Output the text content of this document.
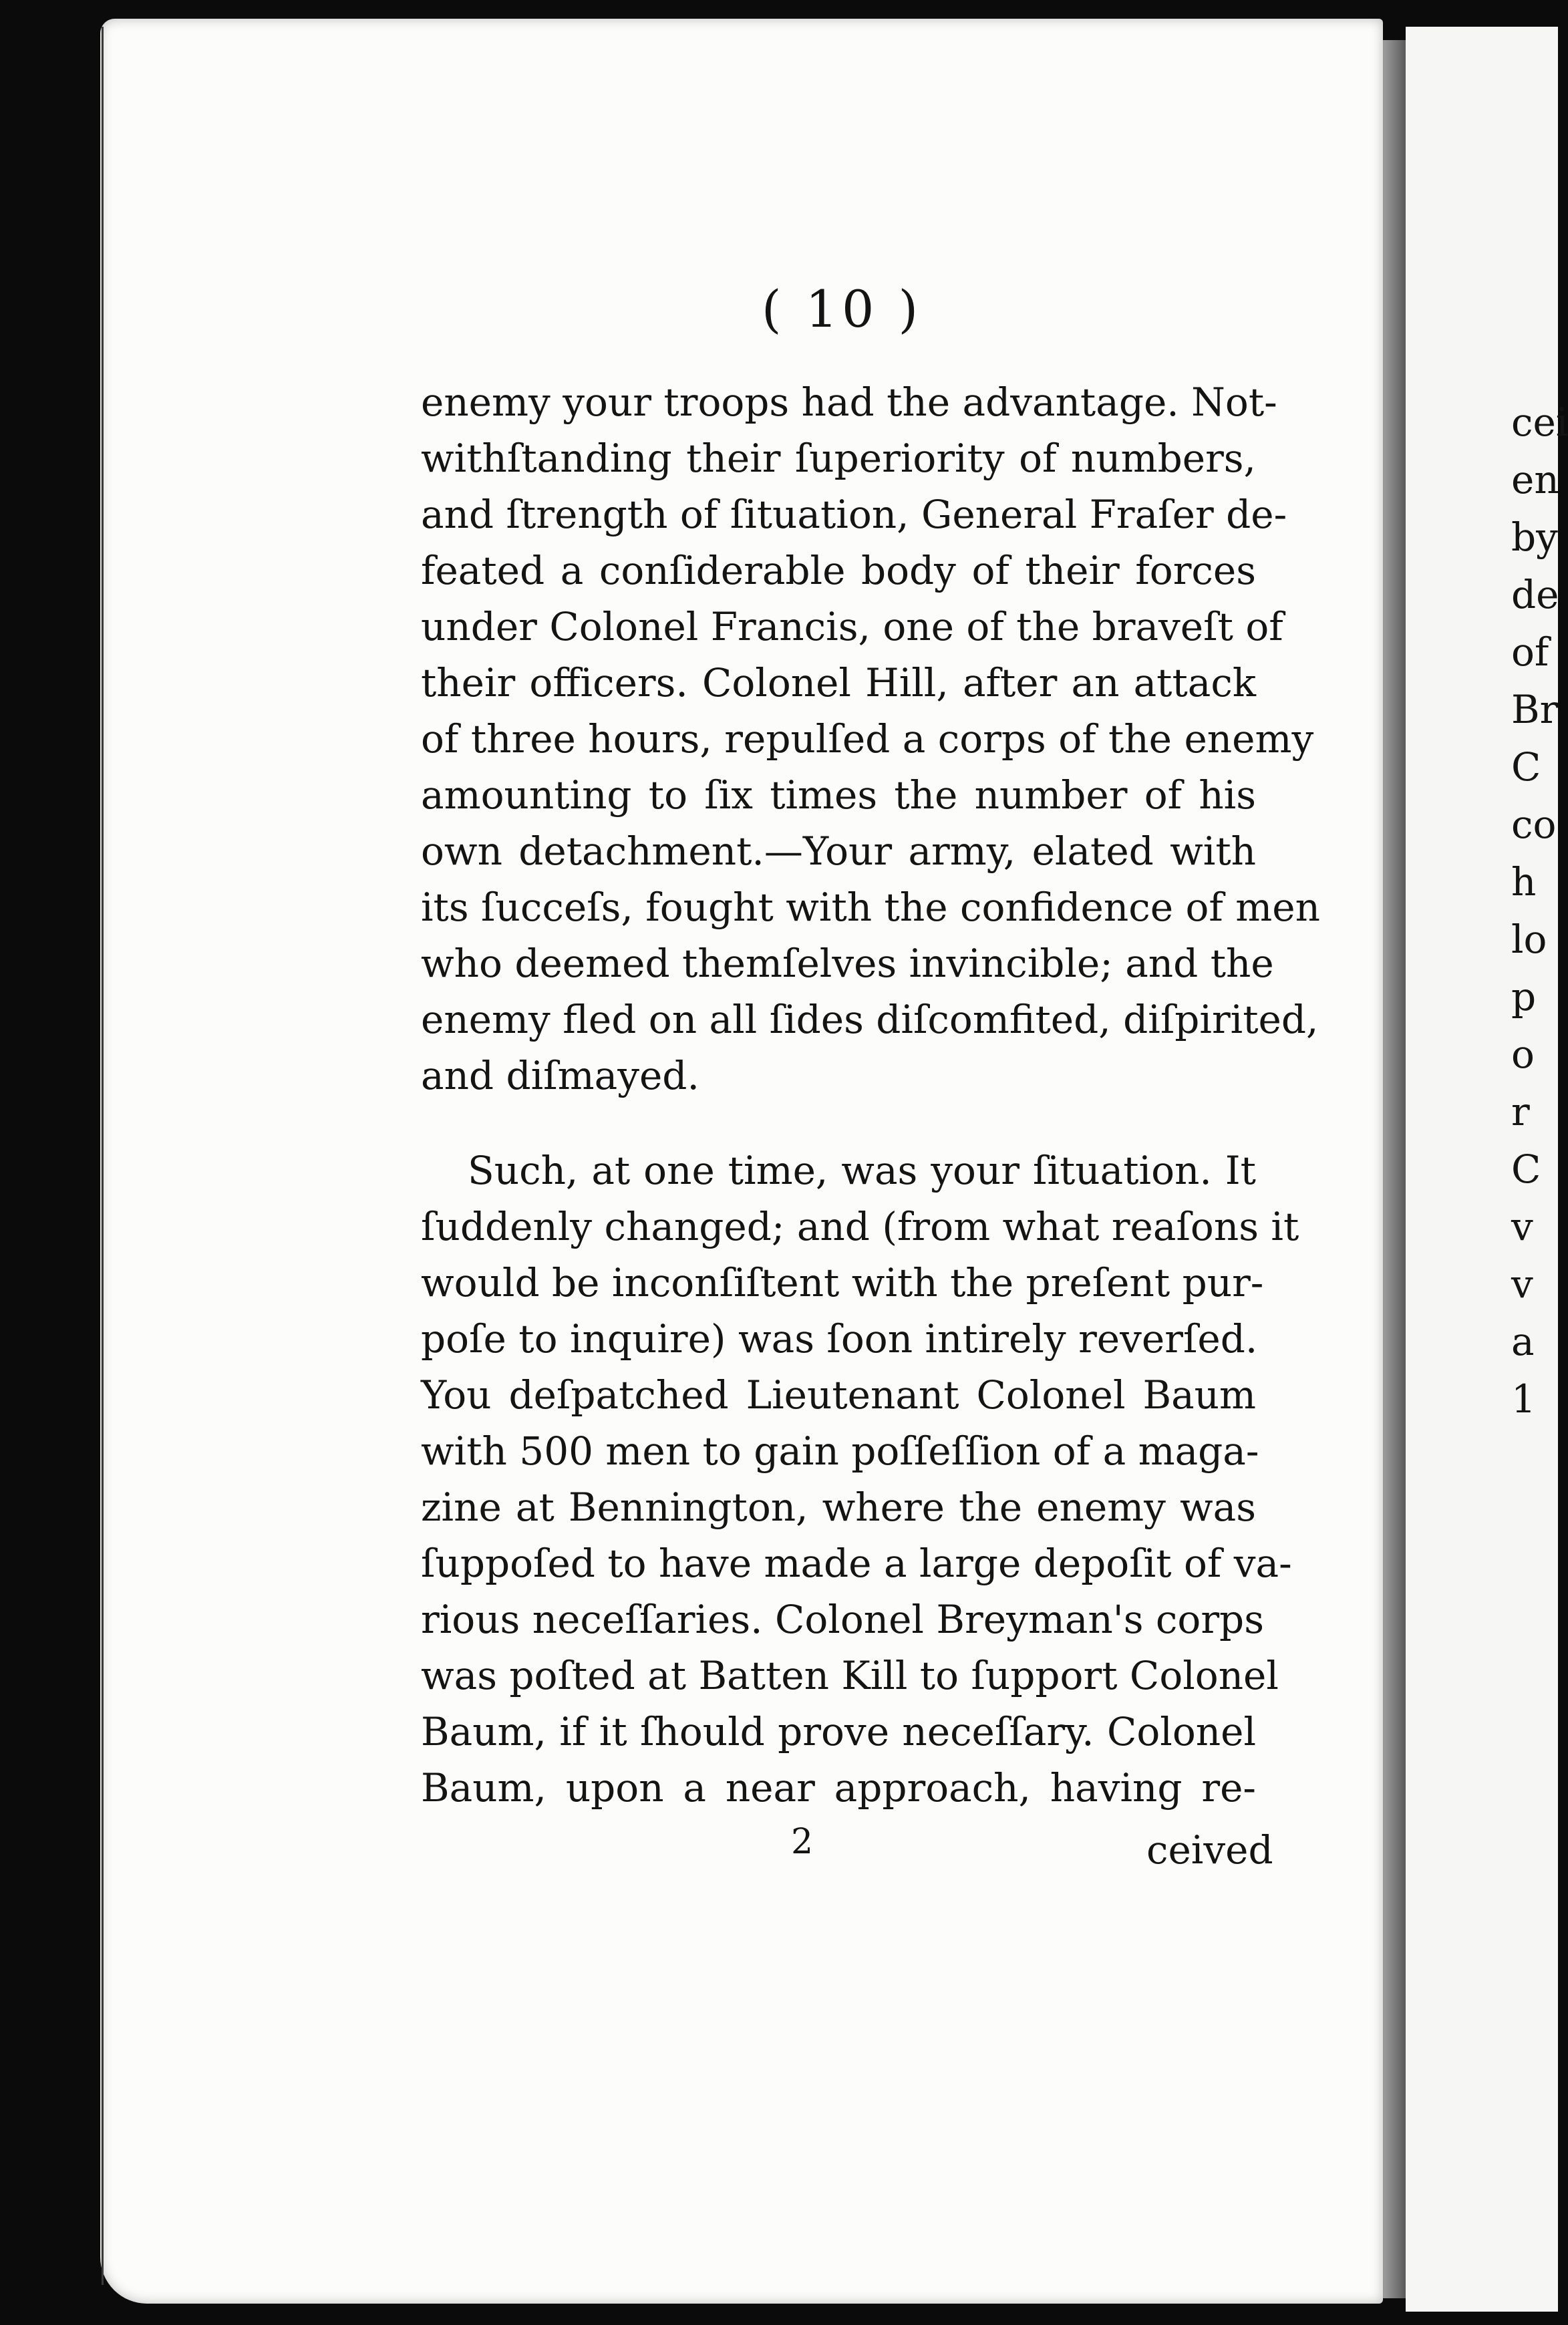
( 10 )
enemy your troops had the advantage. Not-
withſtanding their ſuperiority of numbers,
and ſtrength of ſituation, General Fraſer de-
feated a conſiderable body of their forces
under Colonel Francis, one of the braveſt of
their officers. Colonel Hill, after an attack
of three hours, repulſed a corps of the enemy
amounting to ſix times the number of his
own detachment.—Your army, elated with
its ſucceſs, fought with the confidence of men
who deemed themſelves invincible; and the
enemy fled on all ſides diſcomfited, diſpirited,
and diſmayed.
Such, at one time, was your ſituation. It
ſuddenly changed; and (from what reaſons it
would be inconſiſtent with the preſent pur-
poſe to inquire) was ſoon intirely reverſed.
You deſpatched Lieutenant Colonel Baum
with 500 men to gain poſſeſſion of a maga-
zine at Bennington, where the enemy was
ſuppoſed to have made a large depoſit of va-
rious neceſſaries. Colonel Breyman's corps
was poſted at Batten Kill to ſupport Colonel
Baum, if it ſhould prove neceſſary. Colonel
Baum, upon a near approach, having re-
2	ceived
cei
en
by
de
of
Br
C
co
h
lo
p
o
r
C
v
v
a
1
